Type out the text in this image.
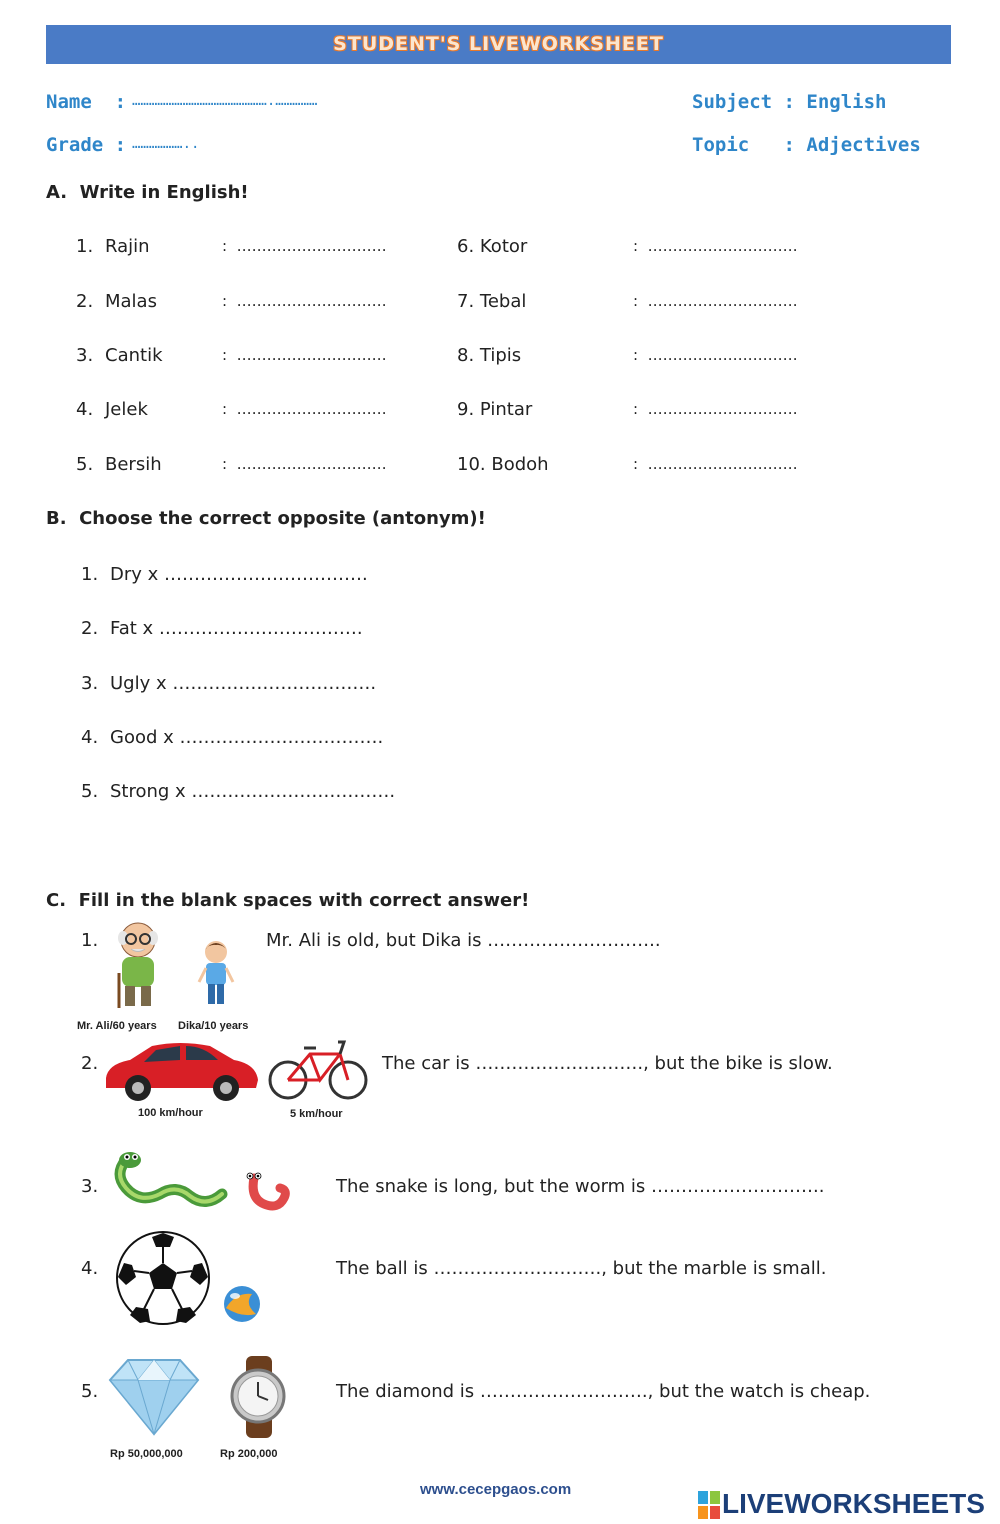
STUDENT'S LIVEWORKSHEET
Name  : ………………………………………….……………
Grade : ………………..
Subject : English
Topic   : Adjectives
A.  Write in English!
1. Rajin	:  …………………………
2. Malas	:  …………………………
3. Cantik	:  …………………………
4. Jelek	:  …………………………
5. Bersih	:  …………………………
6. Kotor	:  …………………………
7. Tebal	:  …………………………
8. Tipis	:  …………………………
9. Pintar	:  …………………………
10. Bodoh	:  …………………………
B.  Choose the correct opposite (antonym)!
1. Dry x …………………………….
2. Fat x …………………………….
3. Ugly x …………………………….
4. Good x …………………………….
5. Strong x …………………………….
C.  Fill in the blank spaces with correct answer!
1.
Mr. Ali/60 years Dika/10 years
Mr. Ali is old, but Dika is ………………………..
2.
100 km/hour	5 km/hour
The car is ………………………., but the bike is slow.
3.	The snake is long, but the worm is ………………………..
4.	The ball is ………………………., but the marble is small.
5.
Rp 50,000,000	Rp 200,000
The diamond is ………………………., but the watch is cheap.
www.cecepgaos.com	LIVEWORKSHEETS
